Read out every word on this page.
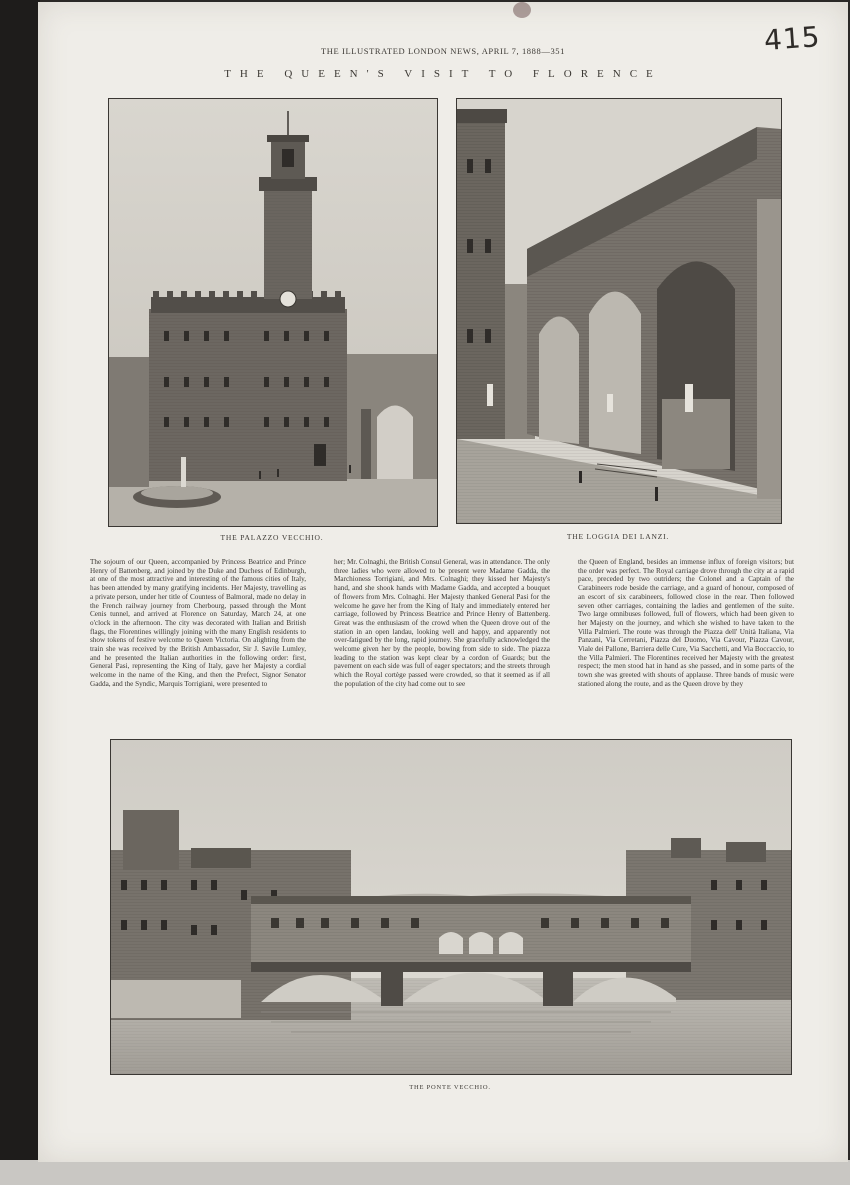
415
THE ILLUSTRATED LONDON NEWS, APRIL 7, 1888—351
THE QUEEN'S VISIT TO FLORENCE
THE PALAZZO VECCHIO.	THE LOGGIA DEI LANZI.
The sojourn of our Queen, accompanied by Princess Beatrice and Prince Henry of Battenberg, and joined by the Duke and Duchess of Edinburgh, at one of the most attractive and interesting of the famous cities of Italy, has been attended by many gratifying incidents. Her Majesty, travelling as a private person, under her title of Countess of Balmoral, made no delay in the French railway journey from Cherbourg, passed through the Mont Cenis tunnel, and arrived at Florence on Saturday, March 24, at one o'clock in the afternoon. The city was decorated with Italian and British flags, the Florentines willingly joining with the many English residents to show tokens of festive welcome to Queen Victoria. On alighting from the train she was received by the British Ambassador, Sir J. Savile Lumley, and he presented the Italian authorities in the following order: first, General Pasi, representing the King of Italy, gave her Majesty a cordial welcome in the name of the King, and then the Prefect, Signor Senator Gadda, and the Syndic, Marquis Torrigiani, were presented to
her; Mr. Colnaghi, the British Consul General, was in attendance. The only three ladies who were allowed to be present were Madame Gadda, the Marchioness Torrigiani, and Mrs. Colnaghi; they kissed her Majesty's hand, and she shook hands with Madame Gadda, and accepted a bouquet of flowers from Mrs. Colnaghi. Her Majesty thanked General Pasi for the welcome he gave her from the King of Italy and immediately entered her carriage, followed by Princess Beatrice and Prince Henry of Battenberg. Great was the enthusiasm of the crowd when the Queen drove out of the station in an open landau, looking well and happy, and apparently not over-fatigued by the long, rapid journey. She gracefully acknowledged the welcome given her by the people, bowing from side to side. The piazza leading to the station was kept clear by a cordon of Guards; but the pavement on each side was full of eager spectators; and the streets through which the Royal cortège passed were crowded, so that it seemed as if all the population of the city had come out to see
the Queen of England, besides an immense influx of foreign visitors; but the order was perfect. The Royal carriage drove through the city at a rapid pace, preceded by two outriders; the Colonel and a Captain of the Carabineers rode beside the carriage, and a guard of honour, composed of an escort of six carabineers, followed close in the rear. Then followed seven other carriages, containing the ladies and gentlemen of the suite. Two large omnibuses followed, full of flowers, which had been given to her Majesty on the journey, and which she wished to have taken to the Villa Palmieri. The route was through the Piazza dell' Unità Italiana, Via Panzani, Via Cerretani, Piazza del Duomo, Via Cavour, Piazza Cavour, Viale dei Pallone, Barriera delle Cure, Via Sacchetti, and Via Boccaccio, to the Villa Palmieri. The Florentines received her Majesty with the greatest respect; the men stood hat in hand as she passed, and in some parts of the town she was greeted with shouts of applause. Three bands of music were stationed along the route, and as the Queen drove by they
THE PONTE VECCHIO.
